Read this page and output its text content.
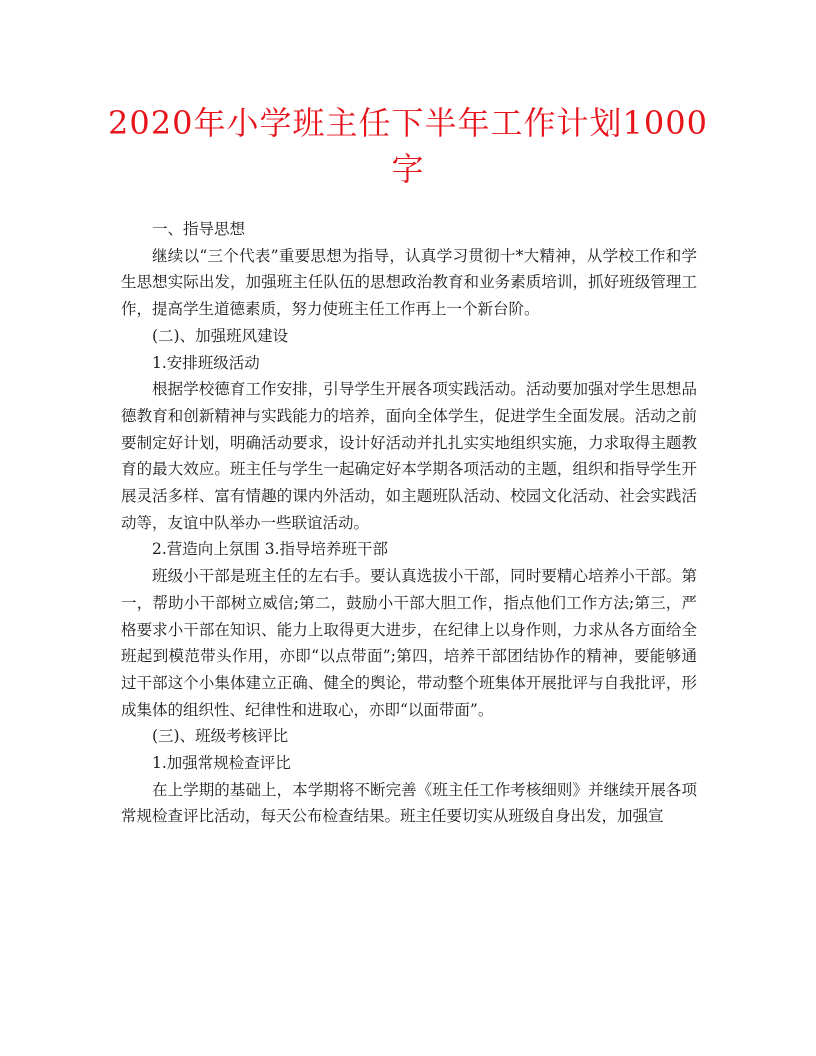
2020年小学班主任下半年工作计划1000
字

一、指导思想

继续以“三个代表”重要思想为指导，认真学习贯彻十*大精神，从学校工作和学生思想实际出发，加强班主任队伍的思想政治教育和业务素质培训，抓好班级管理工作，提高学生道德素质，努力使班主任工作再上一个新台阶。

(二)、加强班风建设

1.安排班级活动

根据学校德育工作安排，引导学生开展各项实践活动。活动要加强对学生思想品德教育和创新精神与实践能力的培养，面向全体学生，促进学生全面发展。活动之前要制定好计划，明确活动要求，设计好活动并扎扎实实地组织实施，力求取得主题教育的最大效应。班主任与学生一起确定好本学期各项活动的主题，组织和指导学生开展灵活多样、富有情趣的课内外活动，如主题班队活动、校园文化活动、社会实践活动等，友谊中队举办一些联谊活动。

2.营造向上氛围 3.指导培养班干部

班级小干部是班主任的左右手。要认真选拔小干部，同时要精心培养小干部。第一，帮助小干部树立威信;第二，鼓励小干部大胆工作，指点他们工作方法;第三，严格要求小干部在知识、能力上取得更大进步，在纪律上以身作则，力求从各方面给全班起到模范带头作用，亦即“以点带面”;第四，培养干部团结协作的精神，要能够通过干部这个小集体建立正确、健全的舆论，带动整个班集体开展批评与自我批评，形成集体的组织性、纪律性和进取心，亦即“以面带面”。

(三)、班级考核评比

1.加强常规检查评比

在上学期的基础上，本学期将不断完善《班主任工作考核细则》并继续开展各项常规检查评比活动，每天公布检查结果。班主任要切实从班级自身出发，加强宣
